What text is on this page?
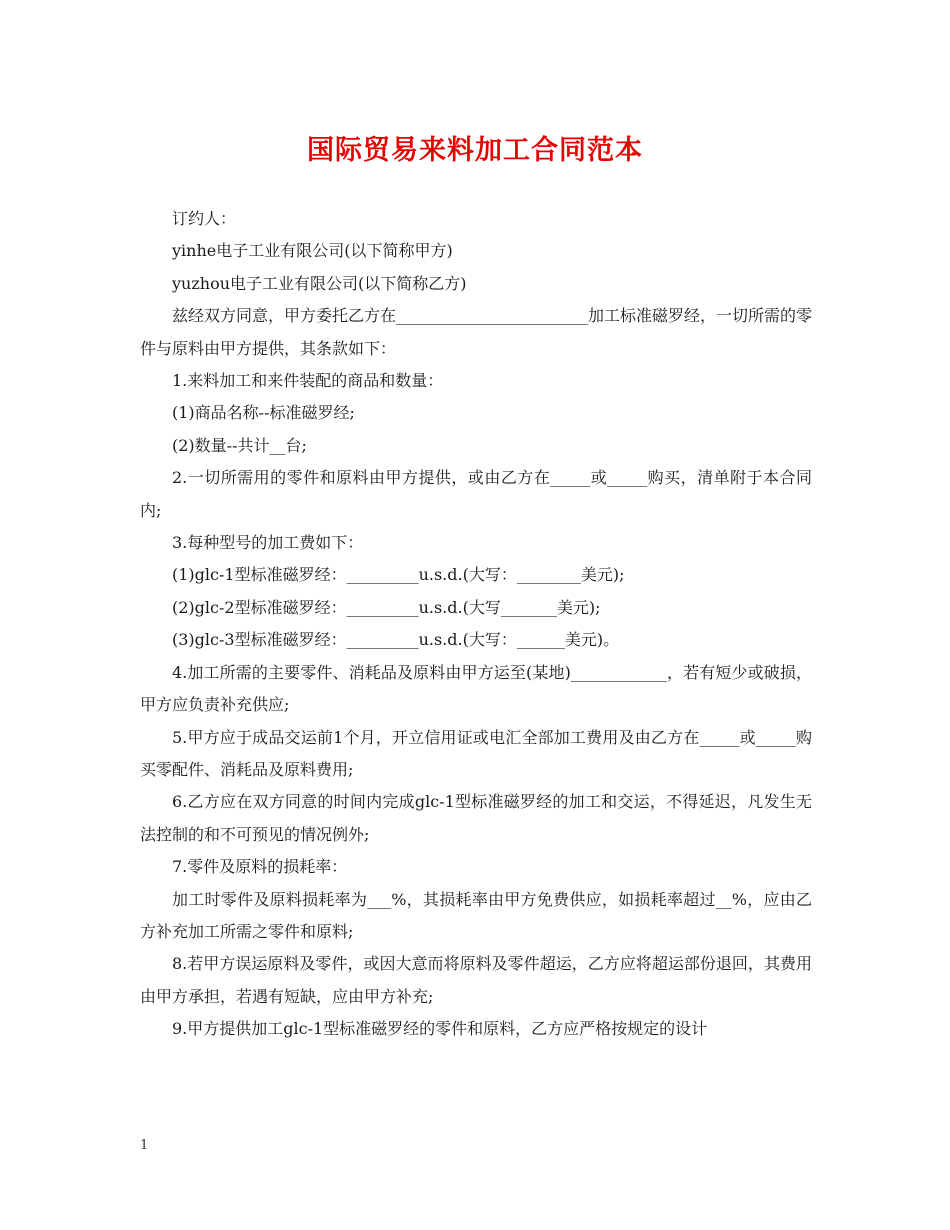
国际贸易来料加工合同范本

订约人：

yinhe电子工业有限公司(以下简称甲方)

yuzhou电子工业有限公司(以下简称乙方)

兹经双方同意，甲方委托乙方在________________________加工标准磁罗经，一切所需的零件与原料由甲方提供，其条款如下：

1.来料加工和来件装配的商品和数量：

(1)商品名称--标准磁罗经;

(2)数量--共计__台;

2.一切所需用的零件和原料由甲方提供，或由乙方在_____或_____购买，清单附于本合同内;

3.每种型号的加工费如下：

(1)glc-1型标准磁罗经：_________u.s.d.(大写：________美元);

(2)glc-2型标准磁罗经：_________u.s.d.(大写_______美元);

(3)glc-3型标准磁罗经：_________u.s.d.(大写：______美元)。

4.加工所需的主要零件、消耗品及原料由甲方运至(某地)____________，若有短少或破损，甲方应负责补充供应;

5.甲方应于成品交运前1个月，开立信用证或电汇全部加工费用及由乙方在_____或_____购买零配件、消耗品及原料费用;

6.乙方应在双方同意的时间内完成glc-1型标准磁罗经的加工和交运，不得延迟，凡发生无法控制的和不可预见的情况例外;

7.零件及原料的损耗率：

加工时零件及原料损耗率为___%，其损耗率由甲方免费供应，如损耗率超过__%，应由乙方补充加工所需之零件和原料;

8.若甲方误运原料及零件，或因大意而将原料及零件超运，乙方应将超运部份退回，其费用由甲方承担，若遇有短缺，应由甲方补充;

9.甲方提供加工glc-1型标准磁罗经的零件和原料，乙方应严格按规定的设计

1
